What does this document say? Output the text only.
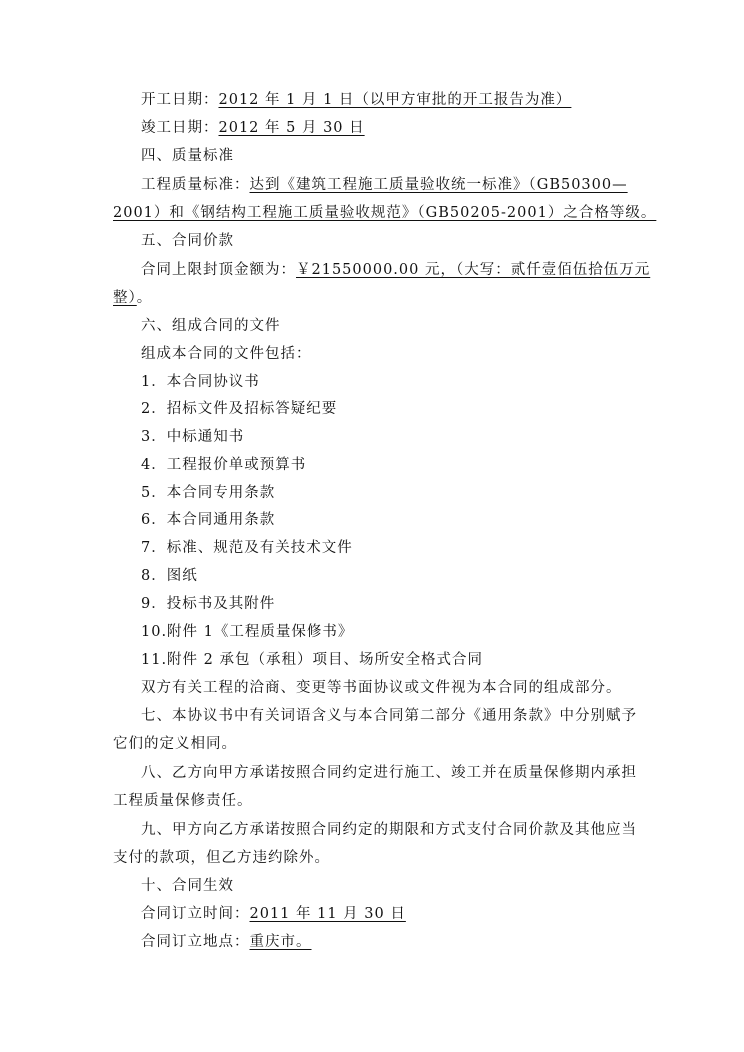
开工日期：2012 年 1 月 1 日（以甲方审批的开工报告为准）
竣工日期：2012 年 5 月 30 日
四、质量标准
工程质量标准：达到《建筑工程施工质量验收统一标准》（GB50300—
2001）和《钢结构工程施工质量验收规范》（GB50205-2001）之合格等级。
五、合同价款
合同上限封顶金额为：￥21550000.00 元，（大写：贰仟壹佰伍拾伍万元
整）。
六、组成合同的文件
组成本合同的文件包括：
1．本合同协议书
2．招标文件及招标答疑纪要
3．中标通知书
4．工程报价单或预算书
5．本合同专用条款
6．本合同通用条款
7．标准、规范及有关技术文件
8．图纸
9．投标书及其附件
10.附件 1《工程质量保修书》
11.附件 2 承包（承租）项目、场所安全格式合同
双方有关工程的洽商、变更等书面协议或文件视为本合同的组成部分。
七、本协议书中有关词语含义与本合同第二部分《通用条款》中分别赋予
它们的定义相同。
八、乙方向甲方承诺按照合同约定进行施工、竣工并在质量保修期内承担
工程质量保修责任。
九、甲方向乙方承诺按照合同约定的期限和方式支付合同价款及其他应当
支付的款项，但乙方违约除外。
十、合同生效
合同订立时间：2011 年 11 月 30 日
合同订立地点：重庆市。
